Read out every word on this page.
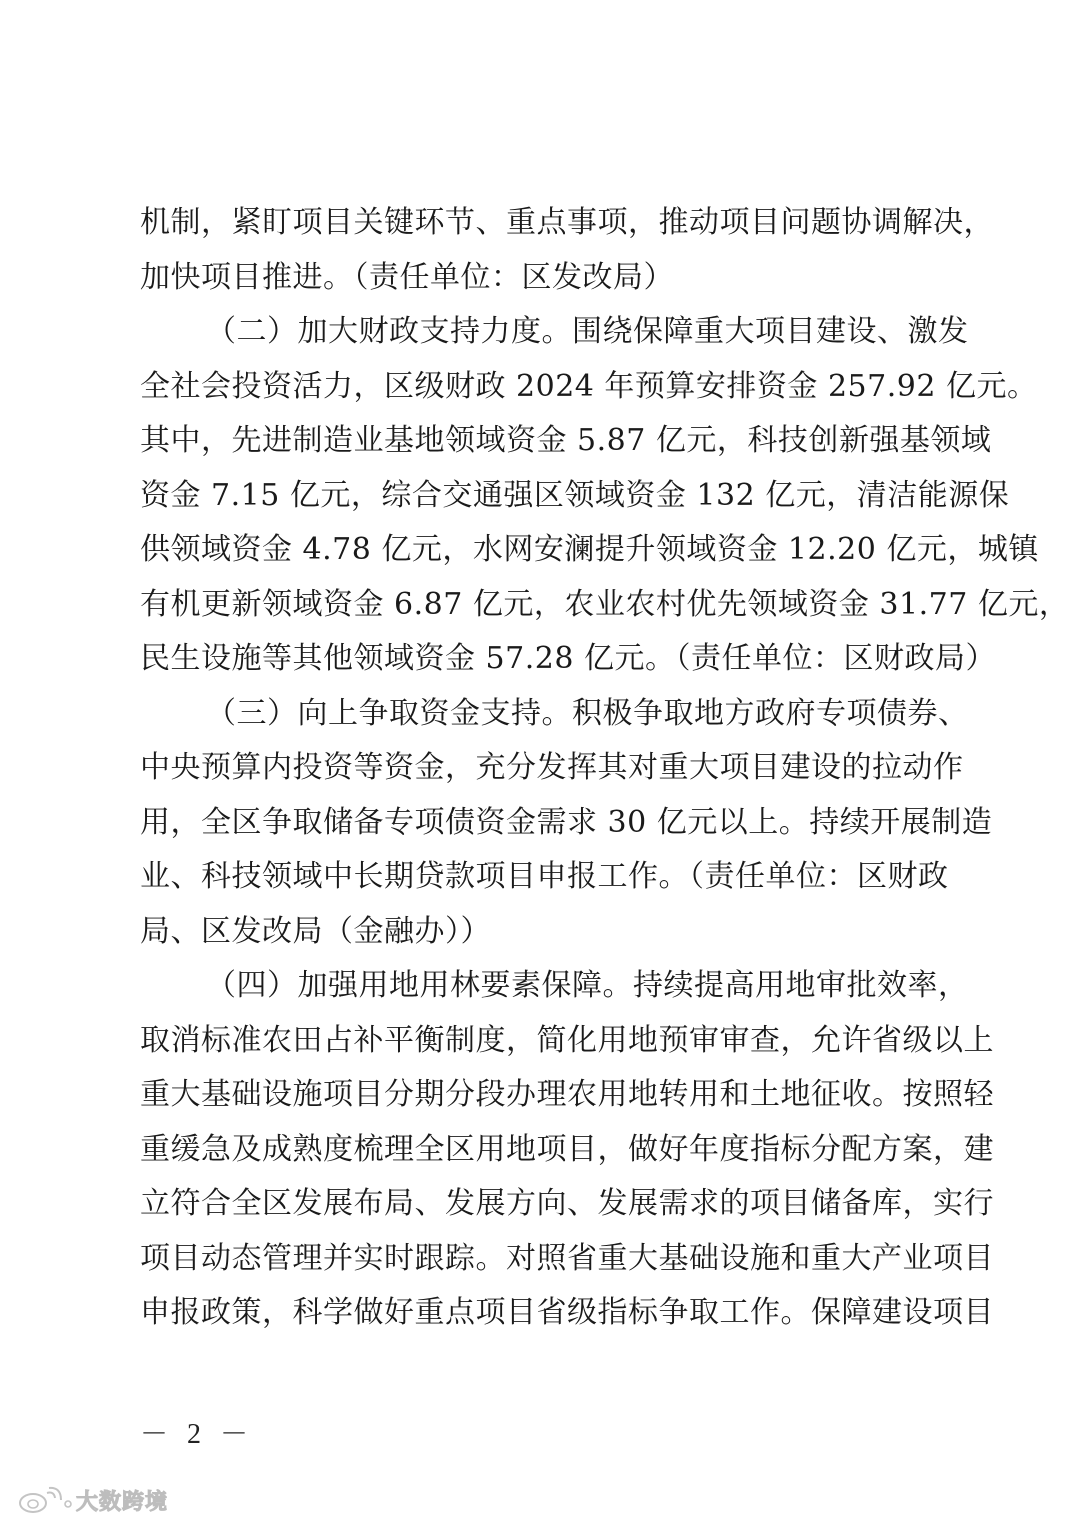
机制，紧盯项目关键环节、重点事项，推动项目问题协调解决，
加快项目推进。（责任单位：区发改局）
（二）加大财政支持力度。围绕保障重大项目建设、激发
全社会投资活力，区级财政 2024 年预算安排资金 257.92 亿元。
其中，先进制造业基地领域资金 5.87 亿元，科技创新强基领域
资金 7.15 亿元，综合交通强区领域资金 132 亿元，清洁能源保
供领域资金 4.78 亿元，水网安澜提升领域资金 12.20 亿元，城镇
有机更新领域资金 6.87 亿元，农业农村优先领域资金 31.77 亿元，
民生设施等其他领域资金 57.28 亿元。（责任单位：区财政局）
（三）向上争取资金支持。积极争取地方政府专项债券、
中央预算内投资等资金，充分发挥其对重大项目建设的拉动作
用，全区争取储备专项债资金需求 30 亿元以上。持续开展制造
业、科技领域中长期贷款项目申报工作。（责任单位：区财政
局、区发改局（金融办））
（四）加强用地用林要素保障。持续提高用地审批效率，
取消标准农田占补平衡制度，简化用地预审审查，允许省级以上
重大基础设施项目分期分段办理农用地转用和土地征收。按照轻
重缓急及成熟度梳理全区用地项目，做好年度指标分配方案，建
立符合全区发展布局、发展方向、发展需求的项目储备库，实行
项目动态管理并实时跟踪。对照省重大基础设施和重大产业项目
申报政策，科学做好重点项目省级指标争取工作。保障建设项目
－ 2 －
大数跨境
